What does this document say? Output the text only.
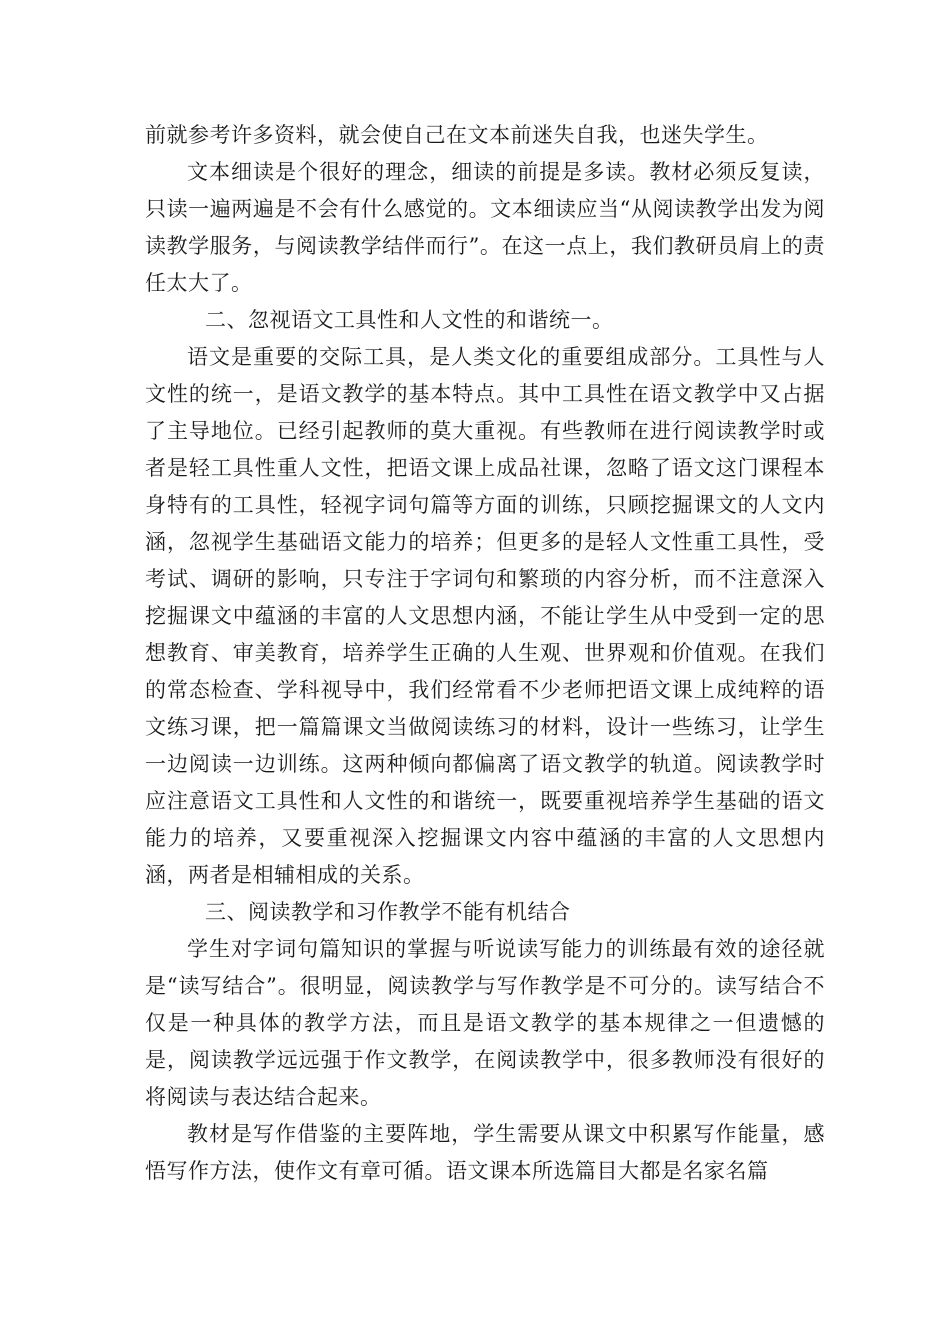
前就参考许多资料，就会使自己在文本前迷失自我，也迷失学生。

文本细读是个很好的理念，细读的前提是多读。教材必须反复读，只读一遍两遍是不会有什么感觉的。文本细读应当“从阅读教学出发为阅读教学服务，与阅读教学结伴而行”。在这一点上，我们教研员肩上的责任太大了。

二、忽视语文工具性和人文性的和谐统一。

语文是重要的交际工具，是人类文化的重要组成部分。工具性与人文性的统一，是语文教学的基本特点。其中工具性在语文教学中又占据了主导地位。已经引起教师的莫大重视。有些教师在进行阅读教学时或者是轻工具性重人文性，把语文课上成品社课，忽略了语文这门课程本身特有的工具性，轻视字词句篇等方面的训练，只顾挖掘课文的人文内涵，忽视学生基础语文能力的培养；但更多的是轻人文性重工具性，受考试、调研的影响，只专注于字词句和繁琐的内容分析，而不注意深入挖掘课文中蕴涵的丰富的人文思想内涵，不能让学生从中受到一定的思想教育、审美教育，培养学生正确的人生观、世界观和价值观。在我们的常态检查、学科视导中，我们经常看不少老师把语文课上成纯粹的语文练习课，把一篇篇课文当做阅读练习的材料，设计一些练习，让学生一边阅读一边训练。这两种倾向都偏离了语文教学的轨道。阅读教学时应注意语文工具性和人文性的和谐统一，既要重视培养学生基础的语文能力的培养，又要重视深入挖掘课文内容中蕴涵的丰富的人文思想内涵，两者是相辅相成的关系。

三、阅读教学和习作教学不能有机结合

学生对字词句篇知识的掌握与听说读写能力的训练最有效的途径就是“读写结合”。很明显，阅读教学与写作教学是不可分的。读写结合不仅是一种具体的教学方法，而且是语文教学的基本规律之一但遗憾的是，阅读教学远远强于作文教学，在阅读教学中，很多教师没有很好的将阅读与表达结合起来。

教材是写作借鉴的主要阵地，学生需要从课文中积累写作能量，感悟写作方法，使作文有章可循。语文课本所选篇目大都是名家名篇
